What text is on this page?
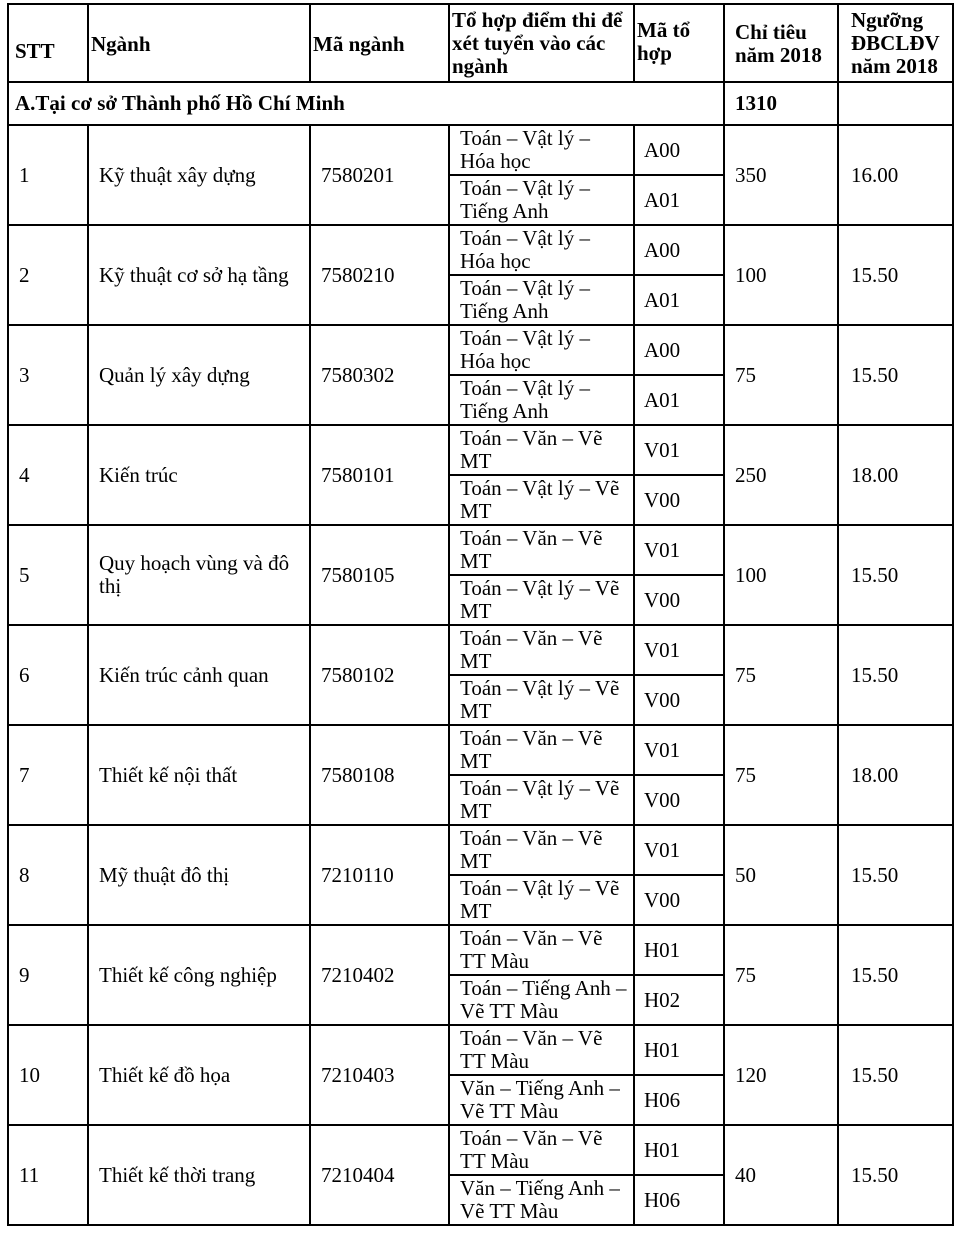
STT	Ngành	Mã ngành	Tổ hợp điểm thi để xét tuyển vào các ngành	Mã tổ hợp	Chỉ tiêu năm 2018	Ngưỡng ĐBCLĐV năm 2018
A.Tại cơ sở Thành phố Hồ Chí Minh					1310	
1	Kỹ thuật xây dựng	7580201	Toán – Vật lý – Hóa học	A00	350	16.00
			Toán – Vật lý – Tiếng Anh	A01		
2	Kỹ thuật cơ sở hạ tầng	7580210	Toán – Vật lý – Hóa học	A00	100	15.50
			Toán – Vật lý – Tiếng Anh	A01		
3	Quản lý xây dựng	7580302	Toán – Vật lý – Hóa học	A00	75	15.50
			Toán – Vật lý – Tiếng Anh	A01		
4	Kiến trúc	7580101	Toán – Văn – Vẽ MT	V01	250	18.00
			Toán – Vật lý – Vẽ MT	V00		
5	Quy hoạch vùng và đô thị	7580105	Toán – Văn – Vẽ MT	V01	100	15.50
			Toán – Vật lý – Vẽ MT	V00		
6	Kiến trúc cảnh quan	7580102	Toán – Văn – Vẽ MT	V01	75	15.50
			Toán – Vật lý – Vẽ MT	V00		
7	Thiết kế nội thất	7580108	Toán – Văn – Vẽ MT	V01	75	18.00
			Toán – Vật lý – Vẽ MT	V00		
8	Mỹ thuật đô thị	7210110	Toán – Văn – Vẽ MT	V01	50	15.50
			Toán – Vật lý – Vẽ MT	V00		
9	Thiết kế công nghiệp	7210402	Toán – Văn – Vẽ TT Màu	H01	75	15.50
			Toán – Tiếng Anh – Vẽ TT Màu	H02		
10	Thiết kế đồ họa	7210403	Toán – Văn – Vẽ TT Màu	H01	120	15.50
			Văn – Tiếng Anh – Vẽ TT Màu	H06		
11	Thiết kế thời trang	7210404	Toán – Văn – Vẽ TT Màu	H01	40	15.50
			Văn – Tiếng Anh – Vẽ TT Màu	H06		
